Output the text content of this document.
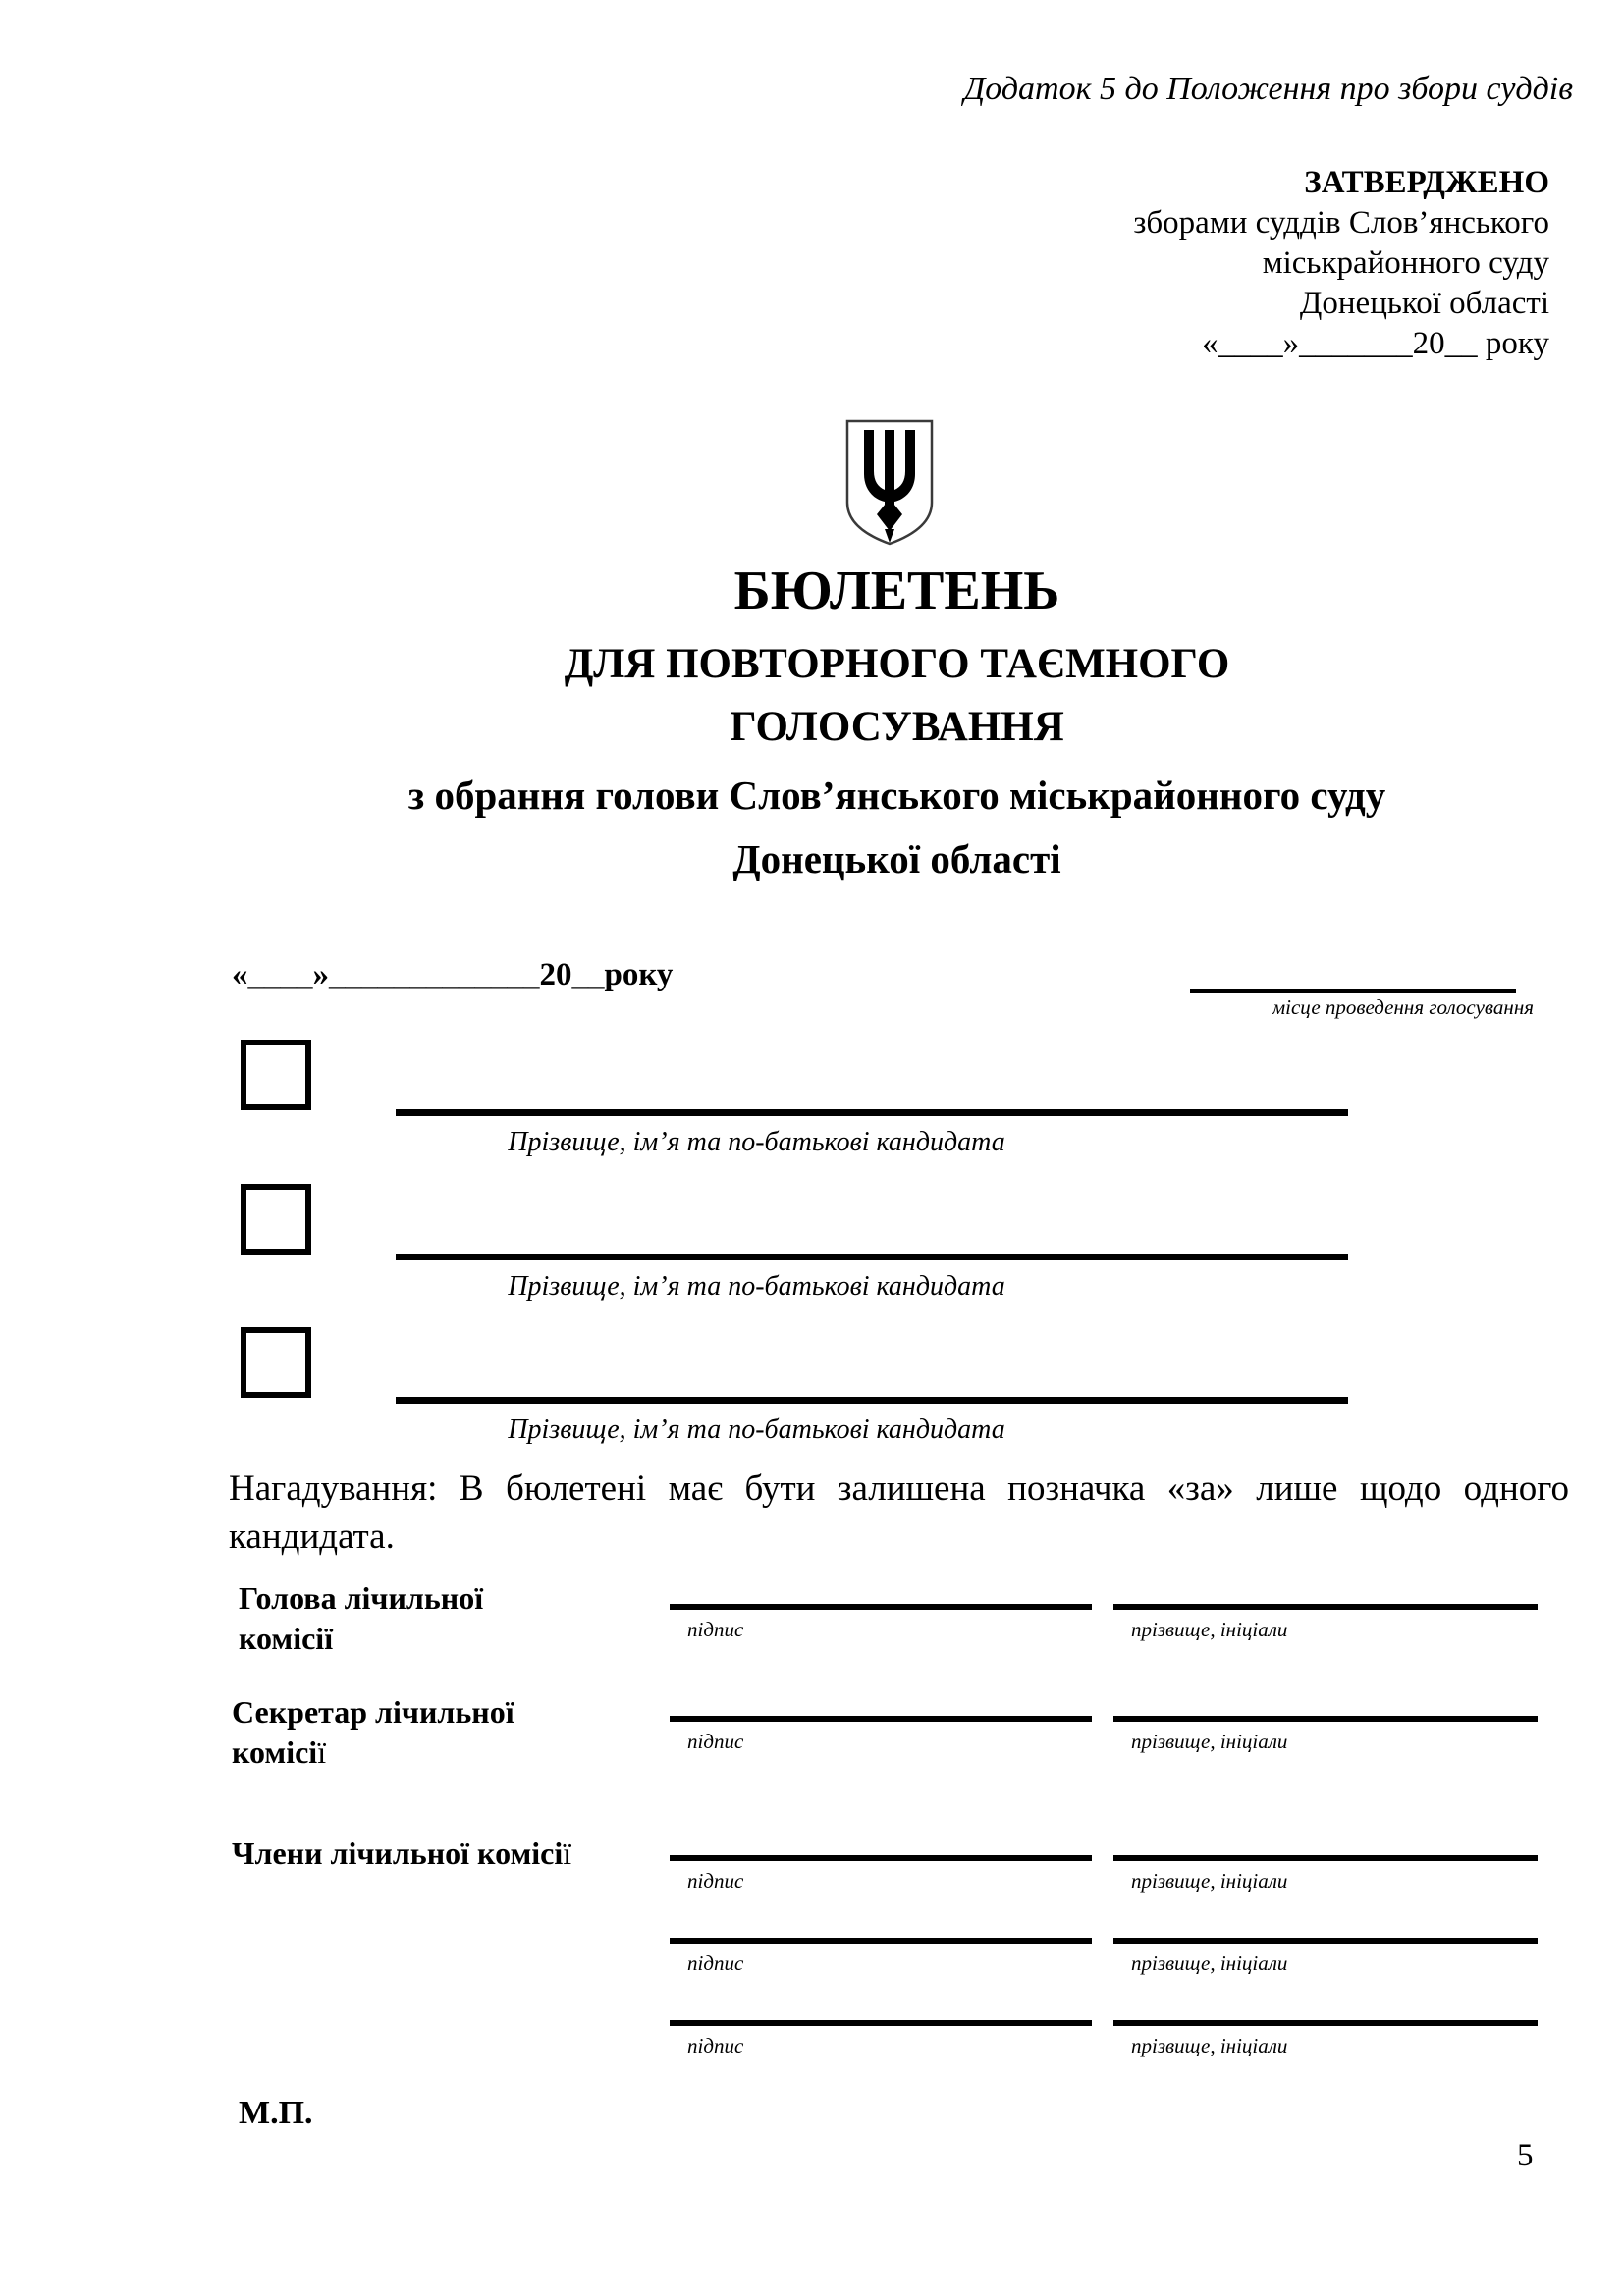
Додаток 5 до Положення про збори суддів
ЗАТВЕРДЖЕНО
зборами суддів Слов’янського
міськрайонного суду
Донецької області
«____»_______20__ року
БЮЛЕТЕНЬ
ДЛЯ ПОВТОРНОГО ТАЄМНОГО
ГОЛОСУВАННЯ
з обрання голови Слов’янського міськрайонного суду
Донецької області
«____»_____________20__року
місце проведення голосування
Прізвище, ім’я та по-батькові кандидата
Прізвище, ім’я та по-батькові кандидата
Прізвище, ім’я та по-батькові кандидата
Нагадування: В бюлетені має бути залишена позначка «за» лише щодо одного кандидата.
Голова лічильної комісії	підпис	прізвище, ініціали
Секретар лічильної комісії	підпис	прізвище, ініціали
Члени лічильної комісії
підпис	прізвище, ініціали
підпис	прізвище, ініціали
підпис	прізвище, ініціали
М.П.
5
